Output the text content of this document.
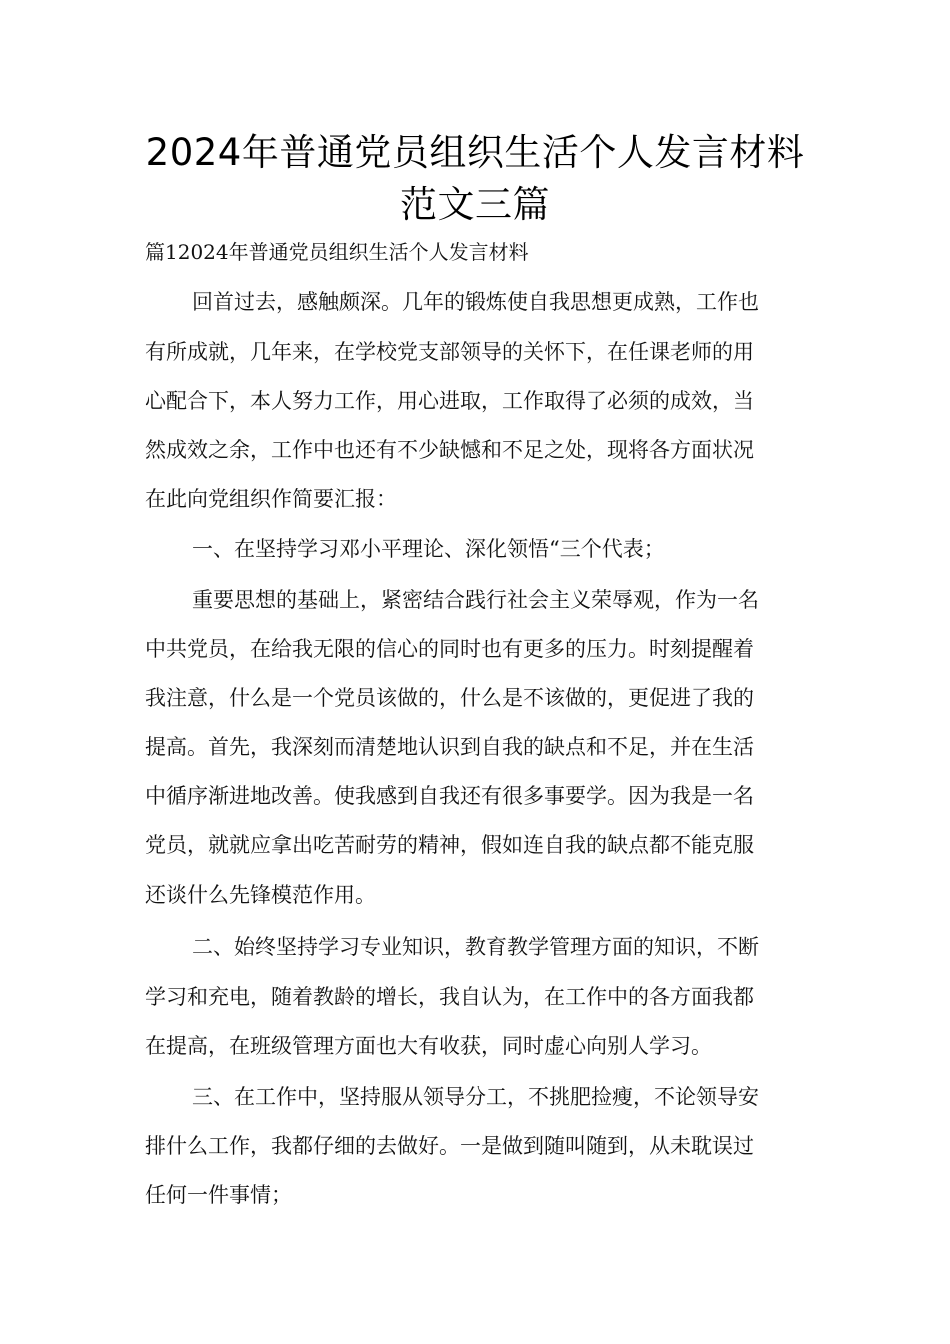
2024年普通党员组织生活个人发言材料
范文三篇
篇12024年普通党员组织生活个人发言材料
回首过去，感触颇深。几年的锻炼使自我思想更成熟，工作也
有所成就，几年来，在学校党支部领导的关怀下，在任课老师的用
心配合下，本人努力工作，用心进取，工作取得了必须的成效，当
然成效之余，工作中也还有不少缺憾和不足之处，现将各方面状况
在此向党组织作简要汇报：
一、在坚持学习邓小平理论、深化领悟“三个代表；
重要思想的基础上，紧密结合践行社会主义荣辱观，作为一名
中共党员，在给我无限的信心的同时也有更多的压力。时刻提醒着
我注意，什么是一个党员该做的，什么是不该做的，更促进了我的
提高。首先，我深刻而清楚地认识到自我的缺点和不足，并在生活
中循序渐进地改善。使我感到自我还有很多事要学。因为我是一名
党员，就就应拿出吃苦耐劳的精神，假如连自我的缺点都不能克服
还谈什么先锋模范作用。
二、始终坚持学习专业知识，教育教学管理方面的知识，不断
学习和充电，随着教龄的增长，我自认为，在工作中的各方面我都
在提高，在班级管理方面也大有收获，同时虚心向别人学习。
三、在工作中，坚持服从领导分工，不挑肥捡瘦，不论领导安
排什么工作，我都仔细的去做好。一是做到随叫随到，从未耽误过
任何一件事情；
